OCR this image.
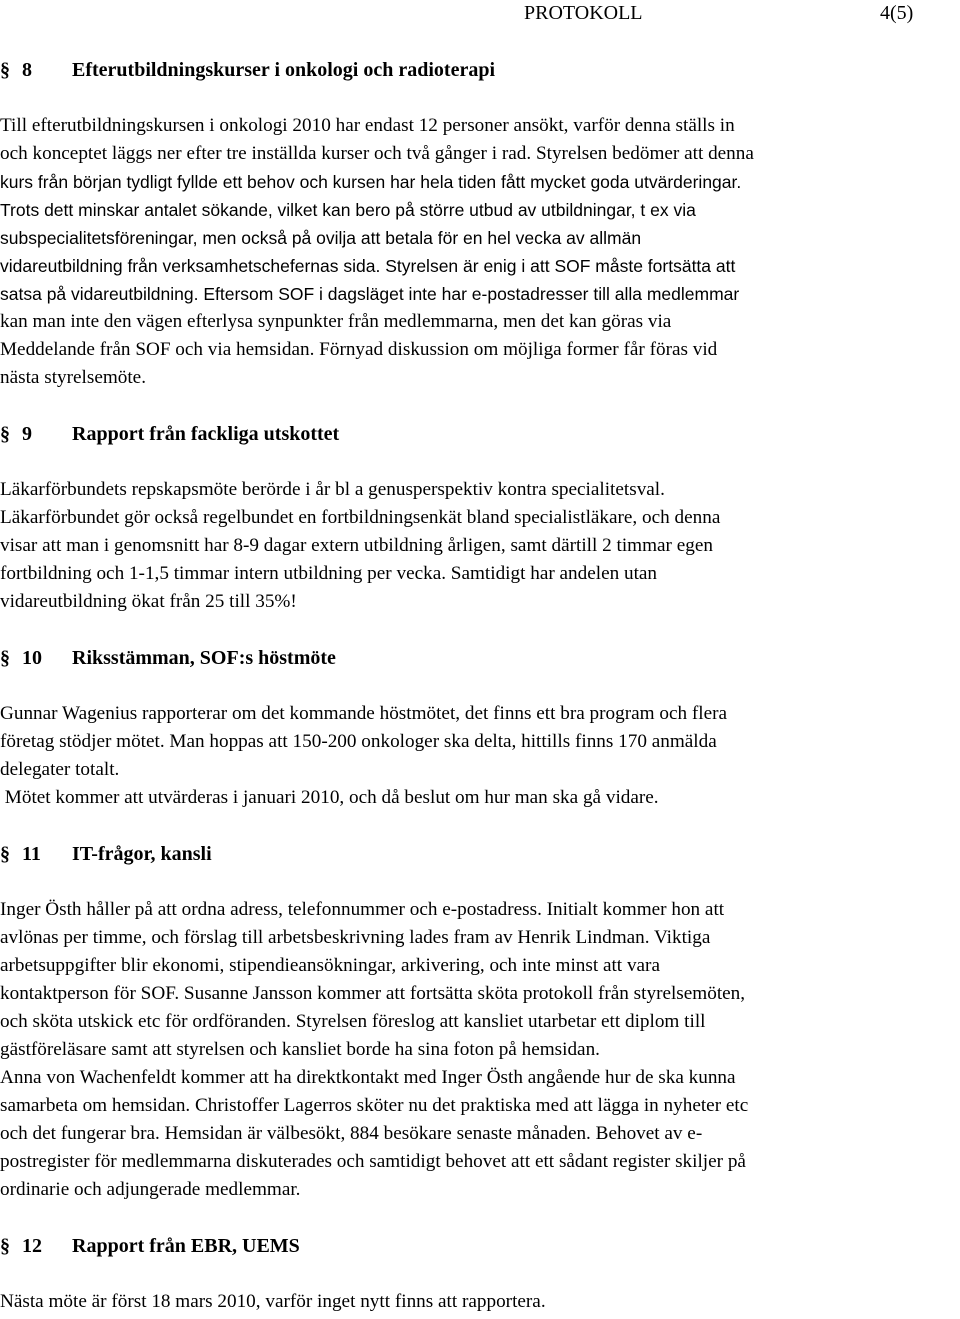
PROTOKOLL	4(5)
§ 8 Efterutbildningskurser i onkologi och radioterapi
Till efterutbildningskursen i onkologi 2010 har endast 12 personer ansökt, varför denna ställs in
och konceptet läggs ner efter tre inställda kurser och två gånger i rad. Styrelsen bedömer att denna
kurs från början tydligt fyllde ett behov och kursen har hela tiden fått mycket goda utvärderingar.
Trots dett minskar antalet sökande, vilket kan bero på större utbud av utbildningar, t ex via
subspecialitetsföreningar, men också på ovilja att betala för en hel vecka av allmän
vidareutbildning från verksamhetschefernas sida. Styrelsen är enig i att SOF måste fortsätta att
satsa på vidareutbildning. Eftersom SOF i dagsläget inte har e-postadresser till alla medlemmar
kan man inte den vägen efterlysa synpunkter från medlemmarna, men det kan göras via
Meddelande från SOF och via hemsidan. Förnyad diskussion om möjliga former får föras vid
nästa styrelsemöte.
§ 9 Rapport från fackliga utskottet
Läkarförbundets repskapsmöte berörde i år bl a genusperspektiv kontra specialitetsval.
Läkarförbundet gör också regelbundet en fortbildningsenkät bland specialistläkare, och denna
visar att man i genomsnitt har 8-9 dagar extern utbildning årligen, samt därtill 2 timmar egen
fortbildning och 1-1,5 timmar intern utbildning per vecka. Samtidigt har andelen utan
vidareutbildning ökat från 25 till 35%!
§ 10 Riksstämman, SOF:s höstmöte
Gunnar Wagenius rapporterar om det kommande höstmötet, det finns ett bra program och flera
företag stödjer mötet. Man hoppas att 150-200 onkologer ska delta, hittills finns 170 anmälda
delegater totalt.
Mötet kommer att utvärderas i januari 2010, och då beslut om hur man ska gå vidare.
§ 11 IT-frågor, kansli
Inger Östh håller på att ordna adress, telefonnummer och e-postadress. Initialt kommer hon att
avlönas per timme, och förslag till arbetsbeskrivning lades fram av Henrik Lindman. Viktiga
arbetsuppgifter blir ekonomi, stipendieansökningar, arkivering, och inte minst att vara
kontaktperson för SOF. Susanne Jansson kommer att fortsätta sköta protokoll från styrelsemöten,
och sköta utskick etc för ordföranden. Styrelsen föreslog att kansliet utarbetar ett diplom till
gästföreläsare samt att styrelsen och kansliet borde ha sina foton på hemsidan.
Anna von Wachenfeldt kommer att ha direktkontakt med Inger Östh angående hur de ska kunna
samarbeta om hemsidan. Christoffer Lagerros sköter nu det praktiska med att lägga in nyheter etc
och det fungerar bra. Hemsidan är välbesökt, 884 besökare senaste månaden. Behovet av e-
postregister för medlemmarna diskuterades och samtidigt behovet att ett sådant register skiljer på
ordinarie och adjungerade medlemmar.
§ 12 Rapport från EBR, UEMS
Nästa möte är först 18 mars 2010, varför inget nytt finns att rapportera.
